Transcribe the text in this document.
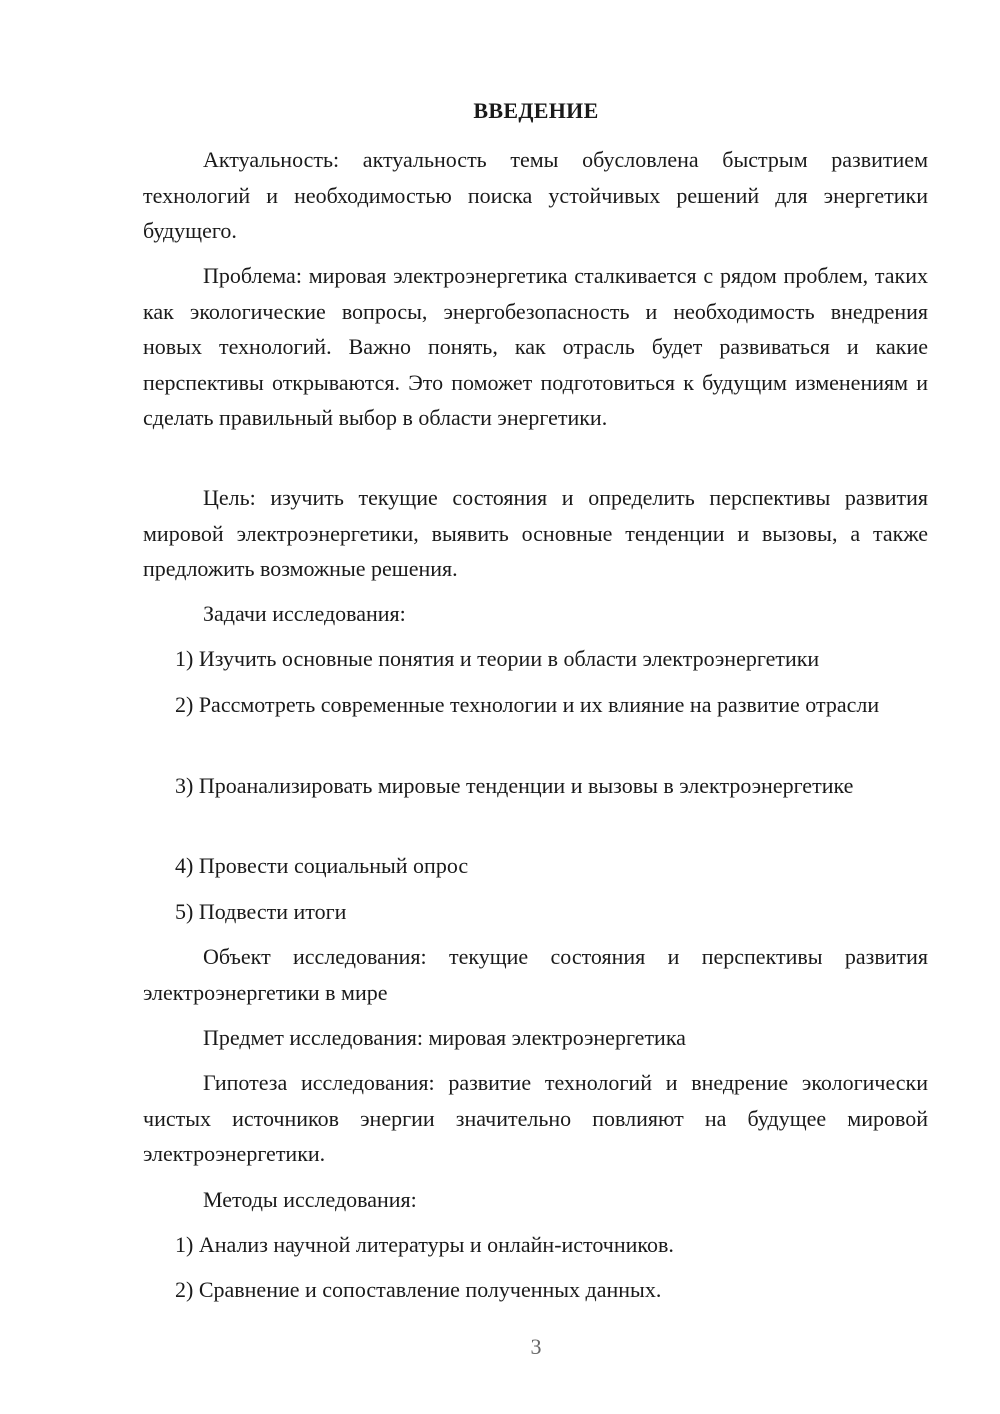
ВВЕДЕНИЕ

Актуальность: актуальность темы обусловлена быстрым развитием технологий и необходимостью поиска устойчивых решений для энергетики будущего.

Проблема: мировая электроэнергетика сталкивается с рядом проблем, таких как экологические вопросы, энергобезопасность и необходимость внедрения новых технологий. Важно понять, как отрасль будет развиваться и какие перспективы открываются. Это поможет подготовиться к будущим изменениям и сделать правильный выбор в области энергетики.

Цель: изучить текущие состояния и определить перспективы развития мировой электроэнергетики, выявить основные тенденции и вызовы, а также предложить возможные решения.

Задачи исследования:

1) Изучить основные понятия и теории в области электроэнергетики

2) Рассмотреть современные технологии и их влияние на развитие отрасли

3) Проанализировать мировые тенденции и вызовы в электроэнергетике

4) Провести социальный опрос

5) Подвести итоги

Объект исследования: текущие состояния и перспективы развития электроэнергетики в мире

Предмет исследования: мировая электроэнергетика

Гипотеза исследования: развитие технологий и внедрение экологически чистых источников энергии значительно повлияют на будущее мировой электроэнергетики.

Методы исследования:

1) Анализ научной литературы и онлайн-источников.

2) Сравнение и сопоставление полученных данных.

3
